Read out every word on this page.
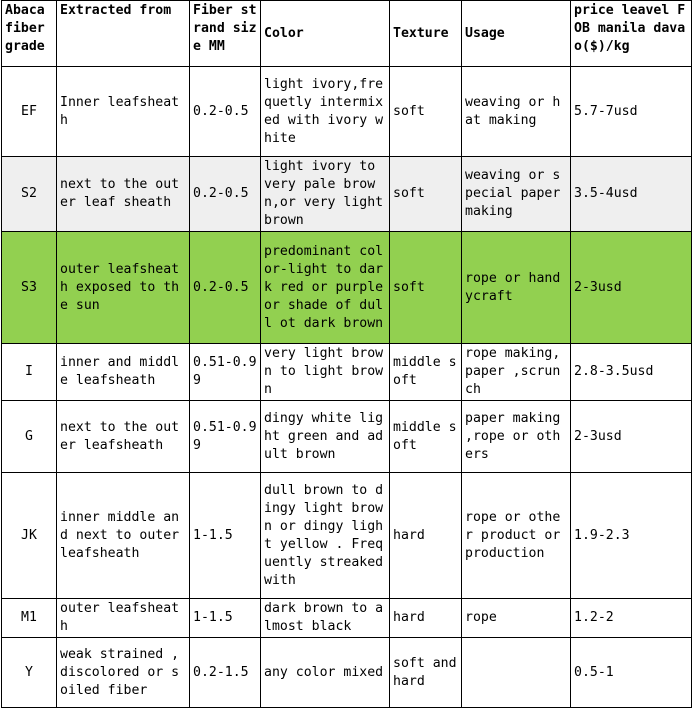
Abaca fiber grade	Extracted from	Fiber strand size MM	Color	Texture	Usage	price leavel FOB manila davao($)/kg
EF	Inner leafsheath	0.2-0.5	light ivory,frequetly intermixed with ivory white	soft	weaving or hat making	5.7-7usd
S2	next to the outer leaf sheath	0.2-0.5	light ivory to very pale brown,or very light brown	soft	weaving or special paper making	3.5-4usd
S3	outer leafsheath exposed to the sun	0.2-0.5	predominant color-light to dark red or purple or shade of dull ot dark brown	soft	rope or handycraft	2-3usd
I	inner and middle leafsheath	0.51-0.99	very light brown to light brown	middle soft	rope making,paper ,scrunch	2.8-3.5usd
G	next to the outer leafsheath	0.51-0.99	dingy white light green and adult brown	middle soft	paper making ,rope or others	2-3usd
JK	inner middle and next to outer leafsheath	1-1.5	dull brown to dingy light brown or dingy light yellow . Frequently streaked with	hard	rope or other product or production	1.9-2.3
M1	outer leafsheath	1-1.5	dark brown to almost black	hard	rope	1.2-2
Y	weak strained ,discolored or soiled fiber	0.2-1.5	any color mixed	soft and hard		0.5-1
